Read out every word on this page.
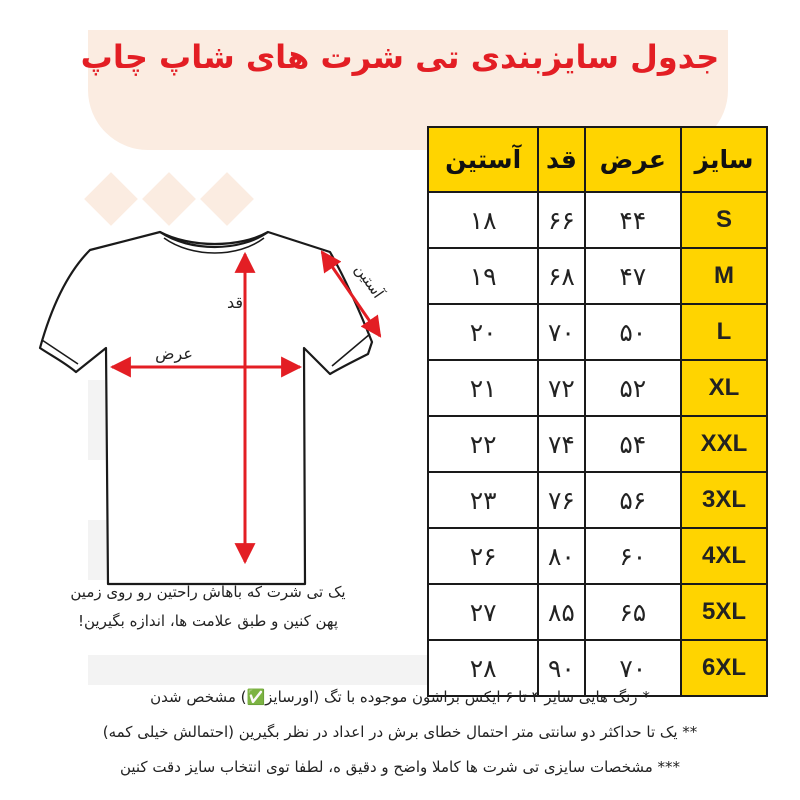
جدول سایزبندی تی شرت های شاپ چاپ
سایز	عرض	قد	آستین
S	۴۴	۶۶	۱۸
M	۴۷	۶۸	۱۹
L	۵۰	۷۰	۲۰
XL	۵۲	۷۲	۲۱
XXL	۵۴	۷۴	۲۲
3XL	۵۶	۷۶	۲۳
4XL	۶۰	۸۰	۲۶
5XL	۶۵	۸۵	۲۷
6XL	۷۰	۹۰	۲۸
قد
عرض
آستین
یک تی شرت که باهاش راحتین رو روی زمین
پهن کنین و طبق علامت ها، اندازه بگیرین!
* رنگ هایی سایز ۴ تا ۶ ایکس براشون موجوده با تگ (اورسایز✅) مشخص شدن
** یک تا حداکثر دو سانتی متر احتمال خطای برش در اعداد در نظر بگیرین (احتمالش خیلی کمه)
*** مشخصات سایزی تی شرت ها کاملا واضح و دقیق ه، لطفا توی انتخاب سایز دقت کنین
